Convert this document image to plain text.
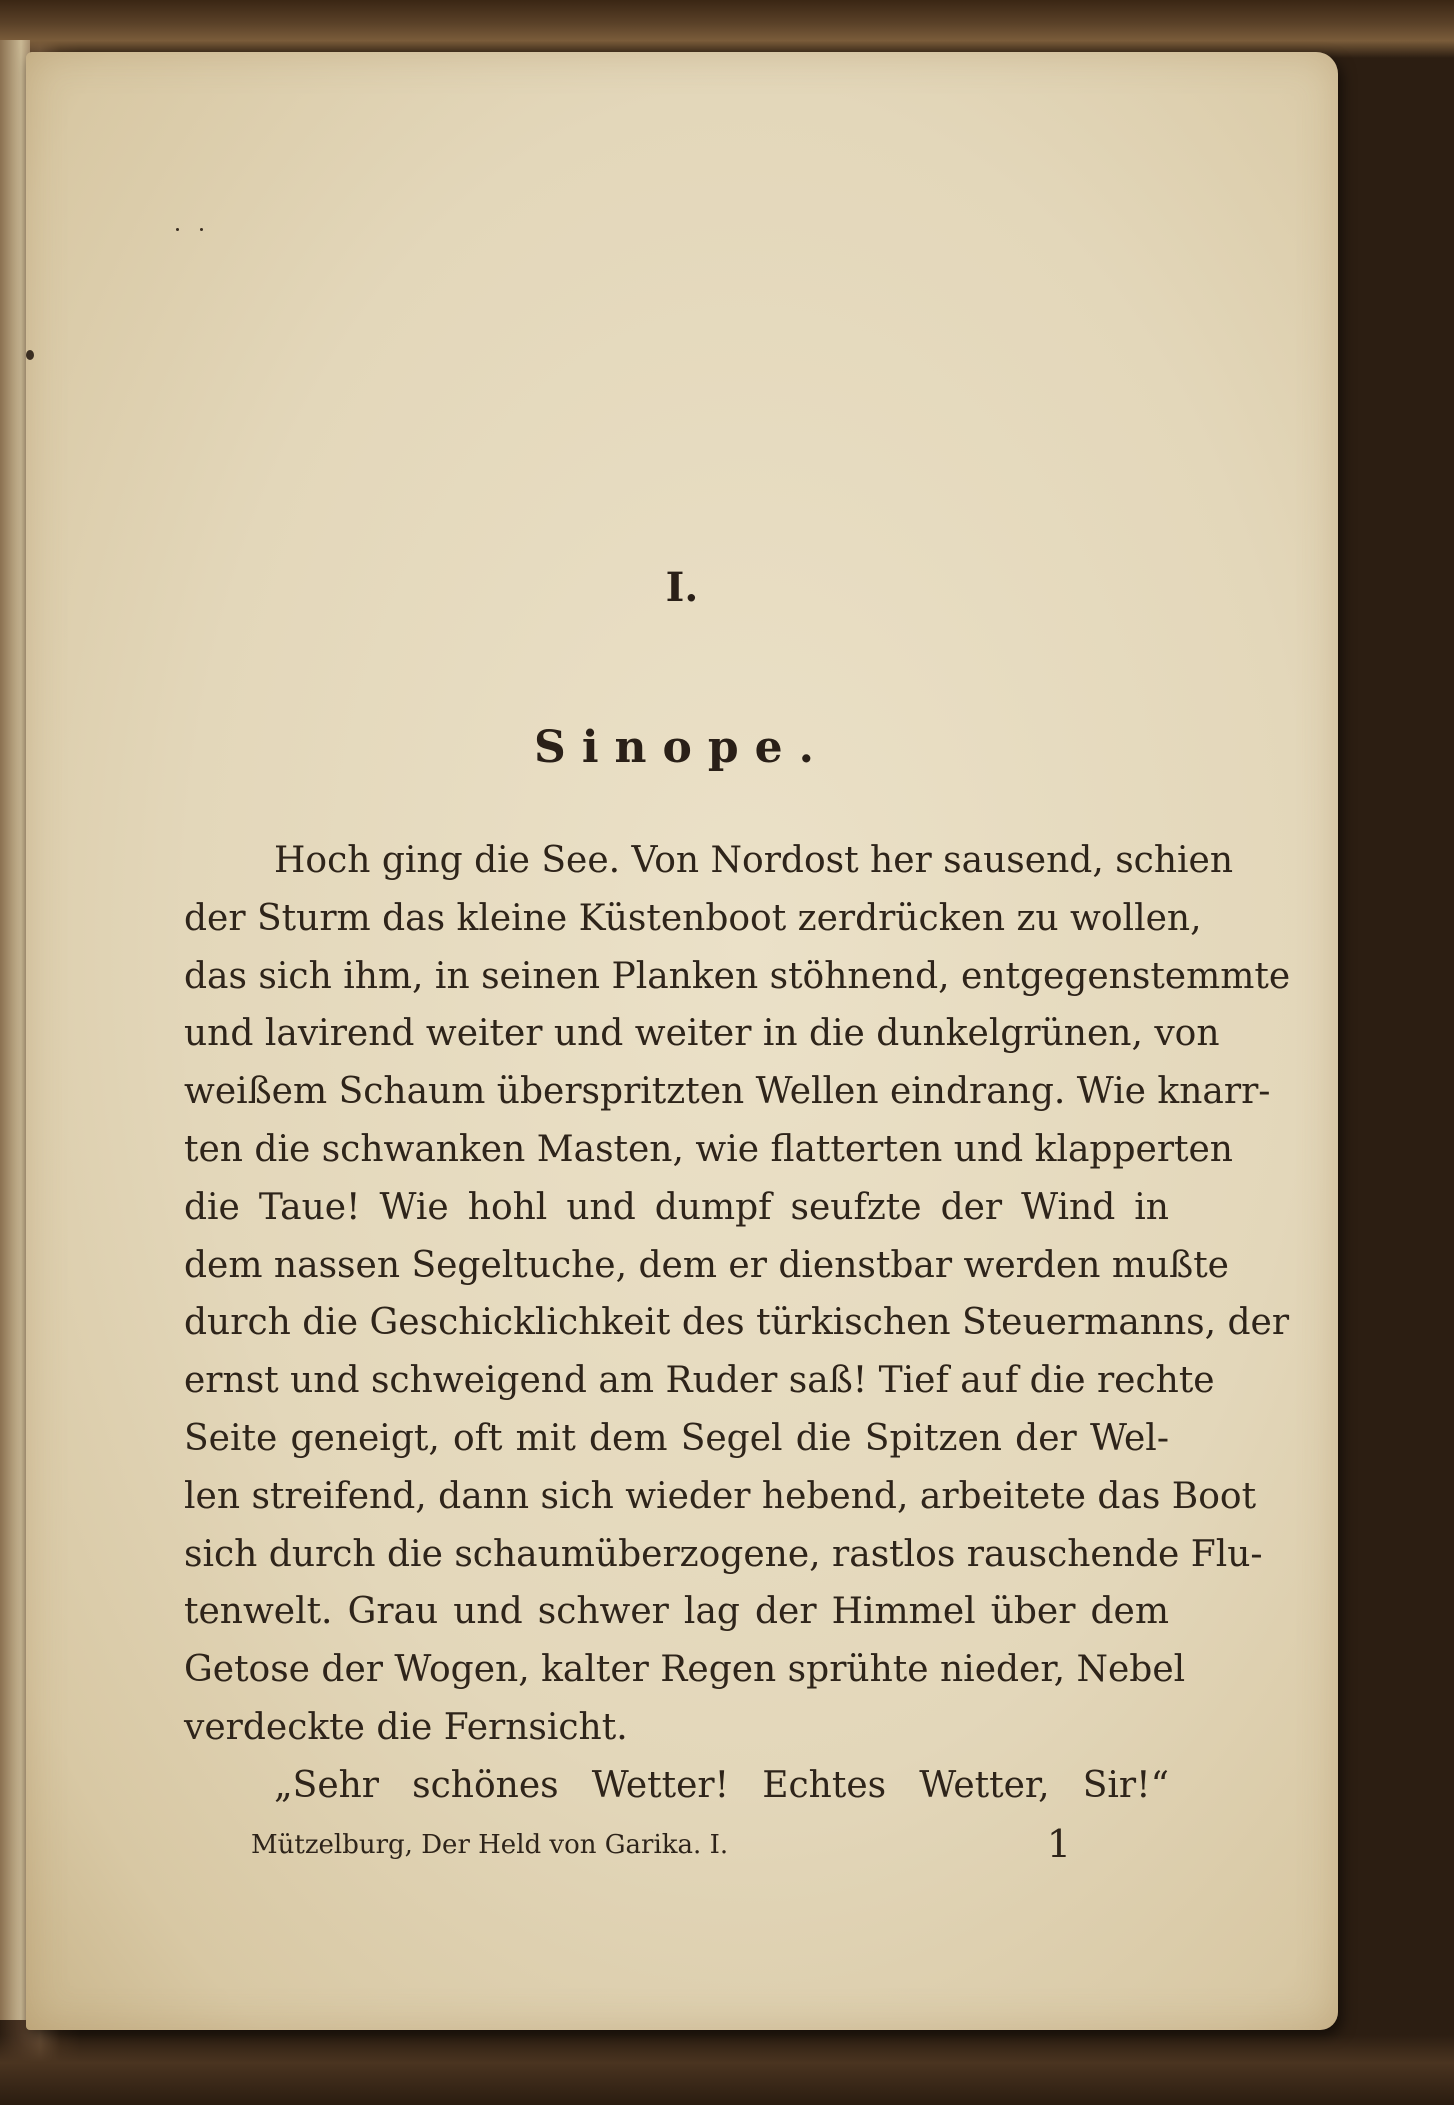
I.
Sinope.
Hoch ging die See. Von Nordost her sausend, schien
der Sturm das kleine Küstenboot zerdrücken zu wollen,
das sich ihm, in seinen Planken stöhnend, entgegenstemmte
und lavirend weiter und weiter in die dunkelgrünen, von
weißem Schaum überspritzten Wellen eindrang. Wie knarr-
ten die schwanken Masten, wie flatterten und klapperten
die Taue! Wie hohl und dumpf seufzte der Wind in
dem nassen Segeltuche, dem er dienstbar werden mußte
durch die Geschicklichkeit des türkischen Steuermanns, der
ernst und schweigend am Ruder saß! Tief auf die rechte
Seite geneigt, oft mit dem Segel die Spitzen der Wel-
len streifend, dann sich wieder hebend, arbeitete das Boot
sich durch die schaumüberzogene, rastlos rauschende Flu-
tenwelt. Grau und schwer lag der Himmel über dem
Getose der Wogen, kalter Regen sprühte nieder, Nebel
verdeckte die Fernsicht.
„Sehr schönes Wetter! Echtes Wetter, Sir!“
Mützelburg, Der Held von Garika. I.	1
